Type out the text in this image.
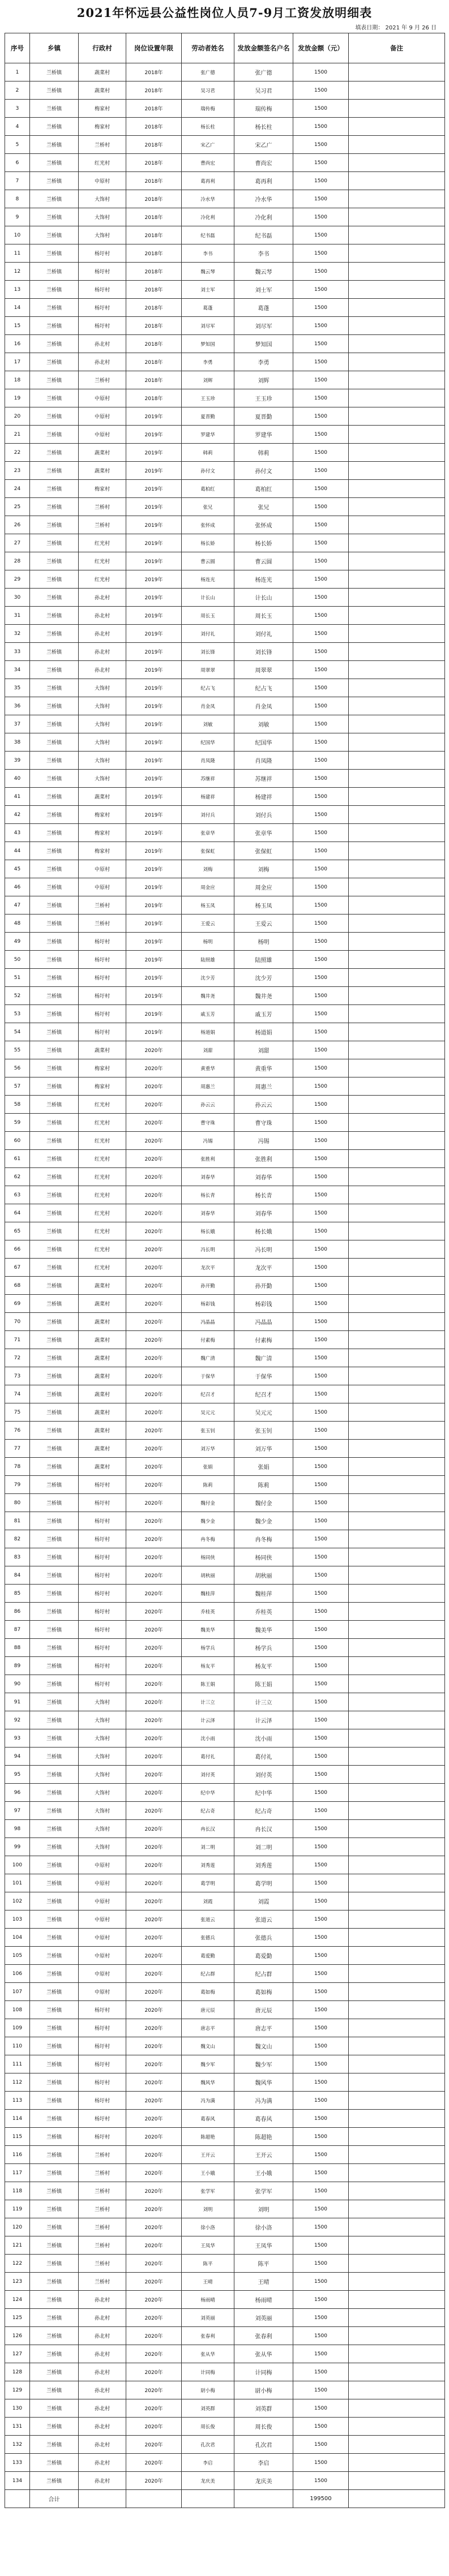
2021年怀远县公益性岗位人员7-9月工资发放明细表
填表日期： 2021 年 9 月 26 日
序号	乡镇	行政村	岗位设置年限	劳动者姓名	发放金额签名户名	发放金额（元）	备注
1	兰桥镇	蔬菜村	2018年	张广德	张广德	1500	
2	兰桥镇	蔬菜村	2018年	吴习君	吴习君	1500	
3	兰桥镇	梅家村	2018年	瑞传梅	瑞传梅	1500	
4	兰桥镇	梅家村	2018年	杨长柱	杨长柱	1500	
5	兰桥镇	兰桥村	2018年	宋乙广	宋乙广	1500	
6	兰桥镇	红光村	2018年	曹尚宏	曹尚宏	1500	
7	兰桥镇	中原村	2018年	葛再利	葛再利	1500	
8	兰桥镇	大饰村	2018年	冷水华	冷水华	1500	
9	兰桥镇	大饰村	2018年	冷化利	冷化利	1500	
10	兰桥镇	大饰村	2018年	纪书磊	纪书磊	1500	
11	兰桥镇	杨圩村	2018年	李书	李书	1500	
12	兰桥镇	杨圩村	2018年	魏云琴	魏云琴	1500	
13	兰桥镇	杨圩村	2018年	刘士军	刘士军	1500	
14	兰桥镇	杨圩村	2018年	葛蓬	葛蓬	1500	
15	兰桥镇	杨圩村	2018年	刘尽军	刘尽军	1500	
16	兰桥镇	孙北村	2018年	梦知国	梦知国	1500	
17	兰桥镇	孙北村	2018年	李勇	李勇	1500	
18	兰桥镇	兰桥村	2018年	刘辉	刘辉	1500	
19	兰桥镇	中原村	2018年	王玉珍	王玉珍	1500	
20	兰桥镇	中原村	2019年	夏晋勤	夏晋勤	1500	
21	兰桥镇	中原村	2019年	罗建华	罗建华	1500	
22	兰桥镇	蔬菜村	2019年	韩莉	韩莉	1500	
23	兰桥镇	蔬菜村	2019年	孙付文	孙付文	1500	
24	兰桥镇	梅家村	2019年	葛柏红	葛柏红	1500	
25	兰桥镇	兰桥村	2019年	张兄	张兄	1500	
26	兰桥镇	兰桥村	2019年	张怀成	张怀成	1500	
27	兰桥镇	红光村	2019年	杨长娇	杨长娇	1500	
28	兰桥镇	红光村	2019年	曹云圆	曹云圆	1500	
29	兰桥镇	红光村	2019年	杨连光	杨连光	1500	
30	兰桥镇	孙北村	2019年	计长山	计长山	1500	
31	兰桥镇	孙北村	2019年	周长玉	周长玉	1500	
32	兰桥镇	孙北村	2019年	刘付礼	刘付礼	1500	
33	兰桥镇	孙北村	2019年	刘长锋	刘长锋	1500	
34	兰桥镇	孙北村	2019年	周翠翠	周翠翠	1500	
35	兰桥镇	大饰村	2019年	纪占飞	纪占飞	1500	
36	兰桥镇	大饰村	2019年	肖金凤	肖金凤	1500	
37	兰桥镇	大饰村	2019年	刘敏	刘敏	1500	
38	兰桥镇	大饰村	2019年	纪国华	纪国华	1500	
39	兰桥镇	大饰村	2019年	肖凤隆	肖凤隆	1500	
40	兰桥镇	大饰村	2019年	苏继祥	苏继祥	1500	
41	兰桥镇	蔬菜村	2019年	杨建祥	杨建祥	1500	
42	兰桥镇	梅家村	2019年	刘付兵	刘付兵	1500	
43	兰桥镇	梅家村	2019年	张章华	张章华	1500	
44	兰桥镇	梅家村	2019年	张保虹	张保虹	1500	
45	兰桥镇	中原村	2019年	刘梅	刘梅	1500	
46	兰桥镇	中原村	2019年	周金应	周金应	1500	
47	兰桥镇	兰桥村	2019年	杨玉凤	杨玉凤	1500	
48	兰桥镇	兰桥村	2019年	王爱云	王爱云	1500	
49	兰桥镇	杨圩村	2019年	杨明	杨明	1500	
50	兰桥镇	杨圩村	2019年	陆照雄	陆照雄	1500	
51	兰桥镇	杨圩村	2019年	沈少芳	沈少芳	1500	
52	兰桥镇	杨圩村	2019年	魏井尧	魏井尧	1500	
53	兰桥镇	杨圩村	2019年	戚玉芳	戚玉芳	1500	
54	兰桥镇	杨圩村	2019年	杨道娟	杨道娟	1500	
55	兰桥镇	蔬菜村	2020年	刘甜	刘甜	1500	
56	兰桥镇	梅家村	2020年	黄重华	黄重华	1500	
57	兰桥镇	梅家村	2020年	周惠兰	周惠兰	1500	
58	兰桥镇	红光村	2020年	孙云云	孙云云	1500	
59	兰桥镇	红光村	2020年	曹守珠	曹守珠	1500	
60	兰桥镇	红光村	2020年	冯锡	冯锡	1500	
61	兰桥镇	红光村	2020年	张胜利	张胜利	1500	
62	兰桥镇	红光村	2020年	刘春华	刘春华	1500	
63	兰桥镇	红光村	2020年	杨长青	杨长青	1500	
64	兰桥镇	红光村	2020年	刘春华	刘春华	1500	
65	兰桥镇	红光村	2020年	杨长娥	杨长娥	1500	
66	兰桥镇	红光村	2020年	冯长明	冯长明	1500	
67	兰桥镇	红光村	2020年	龙次平	龙次平	1500	
68	兰桥镇	蔬菜村	2020年	孙开勤	孙开勤	1500	
69	兰桥镇	蔬菜村	2020年	杨彩钱	杨彩钱	1500	
70	兰桥镇	蔬菜村	2020年	冯晶晶	冯晶晶	1500	
71	兰桥镇	蔬菜村	2020年	付素梅	付素梅	1500	
72	兰桥镇	蔬菜村	2020年	魏广清	魏广清	1500	
73	兰桥镇	蔬菜村	2020年	于保华	于保华	1500	
74	兰桥镇	蔬菜村	2020年	纪召才	纪召才	1500	
75	兰桥镇	蔬菜村	2020年	吴元元	吴元元	1500	
76	兰桥镇	蔬菜村	2020年	张玉钊	张玉钊	1500	
77	兰桥镇	蔬菜村	2020年	刘万华	刘万华	1500	
78	兰桥镇	蔬菜村	2020年	张娟	张娟	1500	
79	兰桥镇	杨圩村	2020年	陈莉	陈莉	1500	
80	兰桥镇	杨圩村	2020年	魏付金	魏付金	1500	
81	兰桥镇	杨圩村	2020年	魏少金	魏少金	1500	
82	兰桥镇	杨圩村	2020年	冉冬梅	冉冬梅	1500	
83	兰桥镇	杨圩村	2020年	杨同侠	杨同侠	1500	
84	兰桥镇	杨圩村	2020年	胡秋丽	胡秋丽	1500	
85	兰桥镇	杨圩村	2020年	魏桂萍	魏桂萍	1500	
86	兰桥镇	杨圩村	2020年	乔桂英	乔桂英	1500	
87	兰桥镇	杨圩村	2020年	魏美华	魏美华	1500	
88	兰桥镇	杨圩村	2020年	杨学兵	杨学兵	1500	
89	兰桥镇	杨圩村	2020年	杨友平	杨友平	1500	
90	兰桥镇	杨圩村	2020年	陈王娟	陈王娟	1500	
91	兰桥镇	大饰村	2020年	计三立	计三立	1500	
92	兰桥镇	大饰村	2020年	计云泽	计云泽	1500	
93	兰桥镇	大饰村	2020年	沈小雨	沈小雨	1500	
94	兰桥镇	大饰村	2020年	葛付礼	葛付礼	1500	
95	兰桥镇	大饰村	2020年	刘付英	刘付英	1500	
96	兰桥镇	大饰村	2020年	纪中华	纪中华	1500	
97	兰桥镇	大饰村	2020年	纪占奇	纪占奇	1500	
98	兰桥镇	大饰村	2020年	冉长汉	冉长汉	1500	
99	兰桥镇	大饰村	2020年	刘二明	刘二明	1500	
100	兰桥镇	中原村	2020年	刘秀莲	刘秀莲	1500	
101	兰桥镇	中原村	2020年	葛学明	葛学明	1500	
102	兰桥镇	中原村	2020年	刘霞	刘霞	1500	
103	兰桥镇	中原村	2020年	张道云	张道云	1500	
104	兰桥镇	中原村	2020年	张德兵	张德兵	1500	
105	兰桥镇	中原村	2020年	葛爱勤	葛爱勤	1500	
106	兰桥镇	中原村	2020年	纪占群	纪占群	1500	
107	兰桥镇	中原村	2020年	葛如梅	葛如梅	1500	
108	兰桥镇	杨圩村	2020年	唐元辰	唐元辰	1500	
109	兰桥镇	杨圩村	2020年	唐志平	唐志平	1500	
110	兰桥镇	杨圩村	2020年	魏文山	魏文山	1500	
111	兰桥镇	杨圩村	2020年	魏少军	魏少军	1500	
112	兰桥镇	杨圩村	2020年	魏风华	魏风华	1500	
113	兰桥镇	杨圩村	2020年	冯为满	冯为满	1500	
114	兰桥镇	杨圩村	2020年	葛春风	葛春风	1500	
115	兰桥镇	杨圩村	2020年	陈超艳	陈超艳	1500	
116	兰桥镇	兰桥村	2020年	王开云	王开云	1500	
117	兰桥镇	兰桥村	2020年	王小娥	王小娥	1500	
118	兰桥镇	兰桥村	2020年	张学军	张学军	1500	
119	兰桥镇	兰桥村	2020年	刘明	刘明	1500	
120	兰桥镇	兰桥村	2020年	徐小洛	徐小洛	1500	
121	兰桥镇	兰桥村	2020年	王凤华	王凤华	1500	
122	兰桥镇	兰桥村	2020年	陈平	陈平	1500	
123	兰桥镇	兰桥村	2020年	王晴	王晴	1500	
124	兰桥镇	孙北村	2020年	杨雨晴	杨雨晴	1500	
125	兰桥镇	孙北村	2020年	刘英丽	刘英丽	1500	
126	兰桥镇	孙北村	2020年	张春利	张春利	1500	
127	兰桥镇	孙北村	2020年	张从华	张从华	1500	
128	兰桥镇	孙北村	2020年	计同梅	计同梅	1500	
129	兰桥镇	孙北村	2020年	尉小梅	尉小梅	1500	
130	兰桥镇	孙北村	2020年	刘英群	刘英群	1500	
131	兰桥镇	孙北村	2020年	周长俊	周长俊	1500	
132	兰桥镇	孙北村	2020年	孔次君	孔次君	1500	
133	兰桥镇	孙北村	2020年	李启	李启	1500	
134	兰桥镇	孙北村	2020年	龙庆美	龙庆美	1500	
	合计					199500	
